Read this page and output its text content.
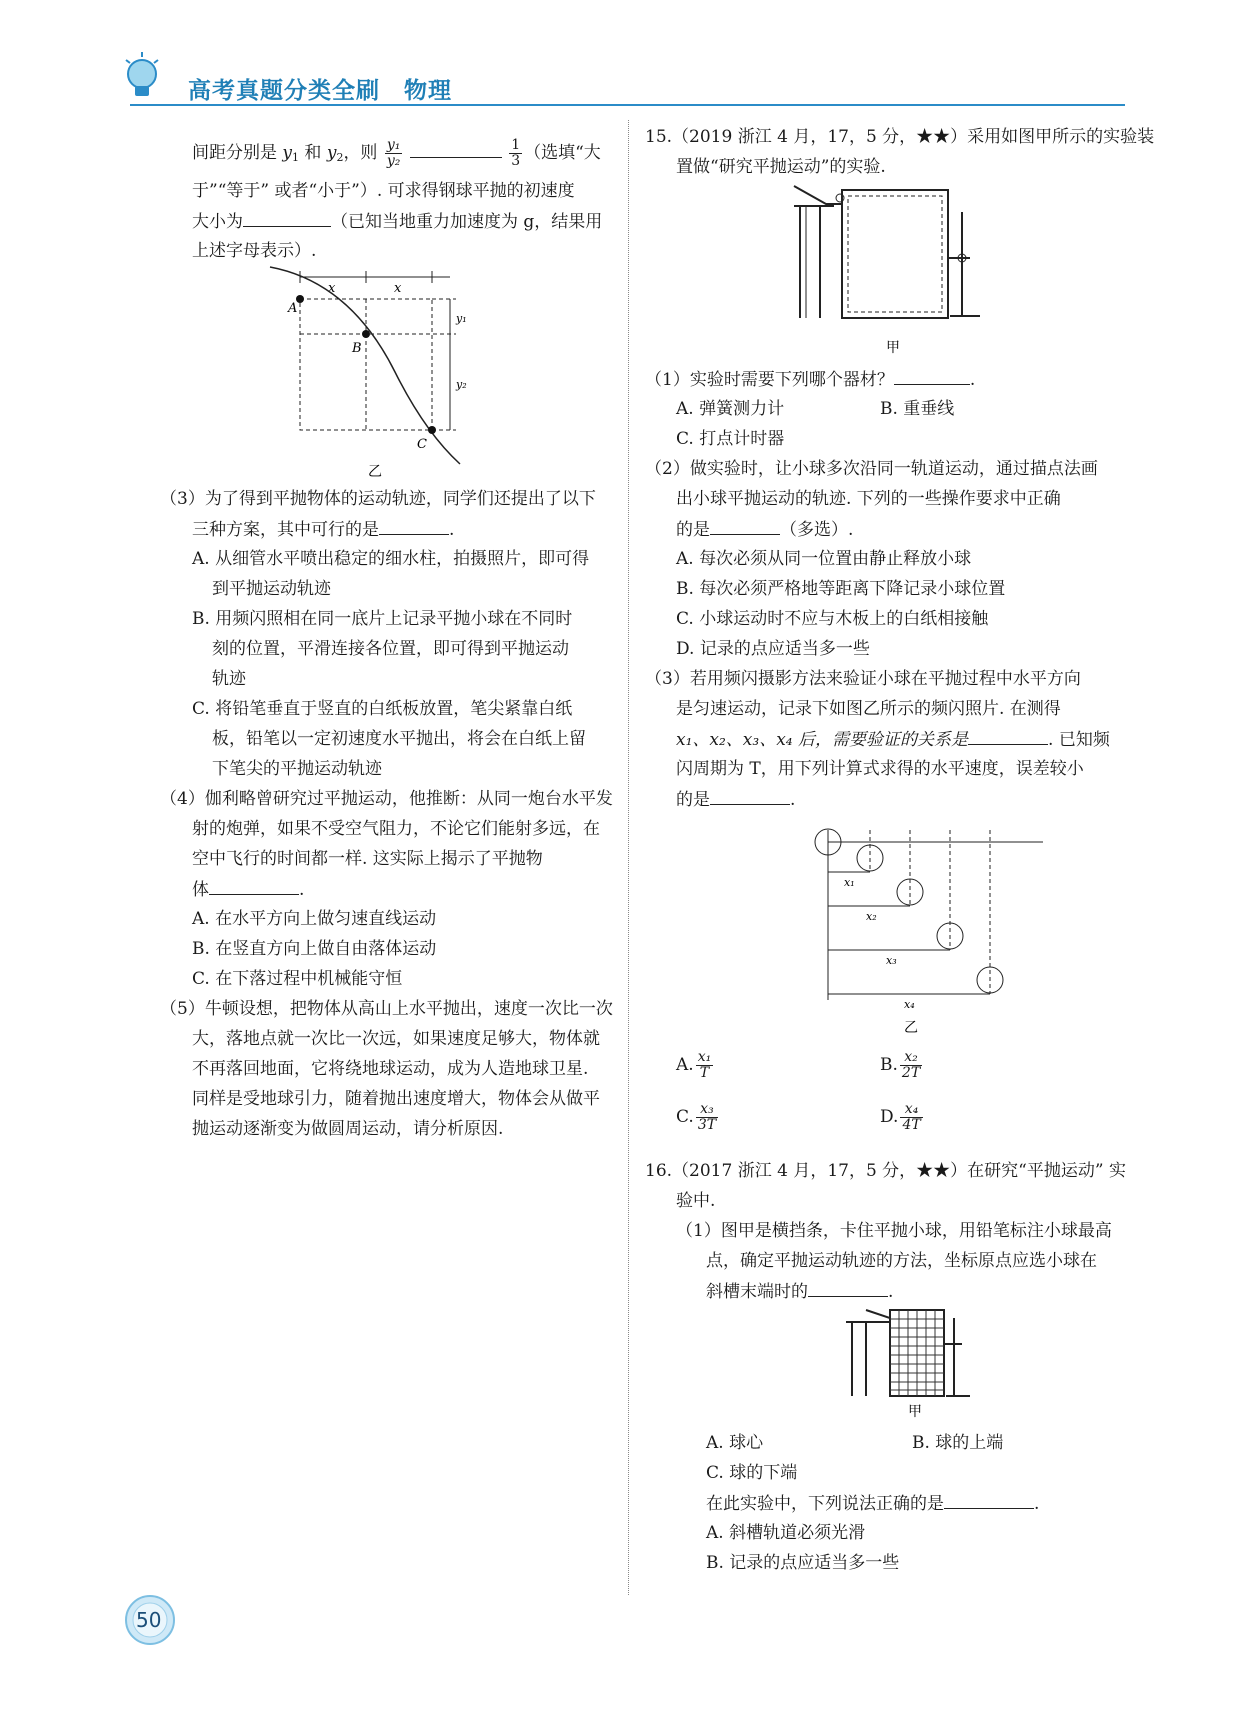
高考真题分类全刷　物理
间距分别是 $y_1$ 和 $y_2$，则 $\frac{\text{y₁}}{\text{y₂}}$
	$\frac{1}{3}$ （选填“大
于”“等于” 或者“小于”）. 可求得钢球平抛的初速度
大小为	（已知当地重力加速度为 g，结果用
上述字母表示）.
x	x
y₁
y₂
A
B
C
乙
（3）为了得到平抛物体的运动轨迹，同学们还提出了以下
三种方案，其中可行的是	.
A. 从细管水平喷出稳定的细水柱，拍摄照片，即可得
到平抛运动轨迹
B. 用频闪照相在同一底片上记录平抛小球在不同时
刻的位置，平滑连接各位置，即可得到平抛运动
轨迹
C. 将铅笔垂直于竖直的白纸板放置，笔尖紧靠白纸
板，铅笔以一定初速度水平抛出，将会在白纸上留
下笔尖的平抛运动轨迹
（4）伽利略曾研究过平抛运动，他推断：从同一炮台水平发
射的炮弹，如果不受空气阻力，不论它们能射多远，在
空中飞行的时间都一样. 这实际上揭示了平抛物
体	.
A. 在水平方向上做匀速直线运动
B. 在竖直方向上做自由落体运动
C. 在下落过程中机械能守恒
（5）牛顿设想，把物体从高山上水平抛出，速度一次比一次
大，落地点就一次比一次远，如果速度足够大，物体就
不再落回地面，它将绕地球运动，成为人造地球卫星.
同样是受地球引力，随着抛出速度增大，物体会从做平
抛运动逐渐变为做圆周运动，请分析原因.
15.（2019 浙江 4 月，17，5 分，★★）采用如图甲所示的实验装
置做“研究平抛运动”的实验.
甲
（1）实验时需要下列哪个器材？	.
A. 弹簧测力计	B. 重垂线
C. 打点计时器
（2）做实验时，让小球多次沿同一轨道运动，通过描点法画
出小球平抛运动的轨迹. 下列的一些操作要求中正确
的是	（多选）.
A. 每次必须从同一位置由静止释放小球
B. 每次必须严格地等距离下降记录小球位置
C. 小球运动时不应与木板上的白纸相接触
D. 记录的点应适当多一些
（3）若用频闪摄影方法来验证小球在平抛过程中水平方向
是匀速运动，记录下如图乙所示的频闪照片. 在测得
x₁、x₂、x₃、x₄ 后，需要验证的关系是	. 已知频
闪周期为 T，用下列计算式求得的水平速度，误差较小
的是	.
x₁
x₂
x₃
x₄
乙
A. $\frac{\text{x₁}}{T}$	B. $\frac{\text{x₂}}{2T}$
C. $\frac{\text{x₃}}{3T}$	D. $\frac{\text{x₄}}{4T}$
16.（2017 浙江 4 月，17，5 分，★★）在研究“平抛运动” 实
验中.
（1）图甲是横挡条，卡住平抛小球，用铅笔标注小球最高
点，确定平抛运动轨迹的方法，坐标原点应选小球在
斜槽末端时的	.
甲
A. 球心	B. 球的上端
C. 球的下端
在此实验中，下列说法正确的是	.
A. 斜槽轨道必须光滑
B. 记录的点应适当多一些
50
